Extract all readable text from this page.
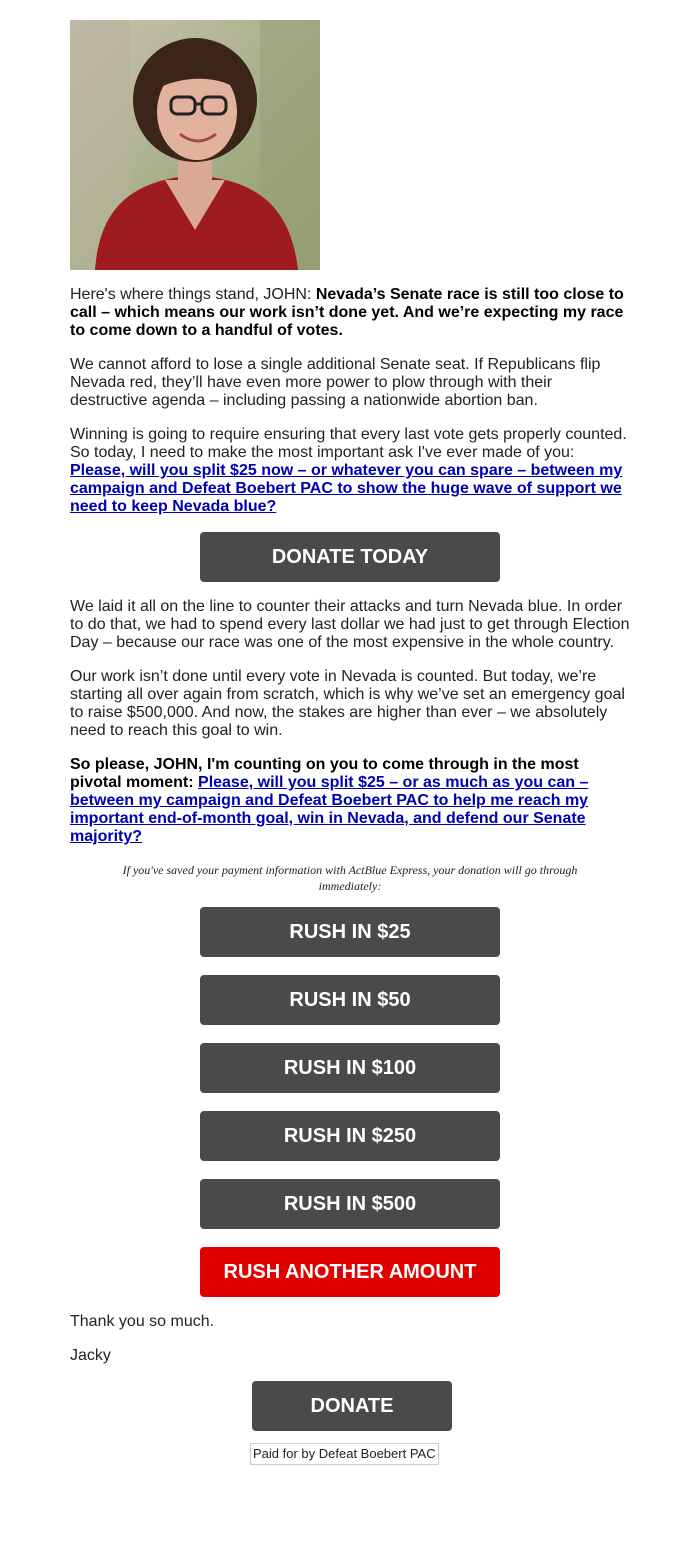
Here's where things stand, JOHN: Nevada’s Senate race is still too close to call – which means our work isn’t done yet. And we’re expecting my race to come down to a handful of votes.

We cannot afford to lose a single additional Senate seat. If Republicans flip Nevada red, they’ll have even more power to plow through with their destructive agenda – including passing a nationwide abortion ban.

Winning is going to require ensuring that every last vote gets properly counted. So today, I need to make the most important ask I've ever made of you: Please, will you split $25 now – or whatever you can spare – between my campaign and Defeat Boebert PAC to show the huge wave of support we need to keep Nevada blue?

DONATE TODAY

We laid it all on the line to counter their attacks and turn Nevada blue. In order to do that, we had to spend every last dollar we had just to get through Election Day – because our race was one of the most expensive in the whole country.

Our work isn’t done until every vote in Nevada is counted. But today, we’re starting all over again from scratch, which is why we’ve set an emergency goal to raise $500,000. And now, the stakes are higher than ever – we absolutely need to reach this goal to win.

So please, JOHN, I'm counting on you to come through in the most pivotal moment: Please, will you split $25 – or as much as you can – between my campaign and Defeat Boebert PAC to help me reach my important end-of-month goal, win in Nevada, and defend our Senate majority?

If you've saved your payment information with ActBlue Express, your donation will go through immediately:
RUSH IN $25
RUSH IN $50
RUSH IN $100
RUSH IN $250
RUSH IN $500
RUSH ANOTHER AMOUNT

Thank you so much.

Jacky

DONATE
Paid for by Defeat Boebert PAC
